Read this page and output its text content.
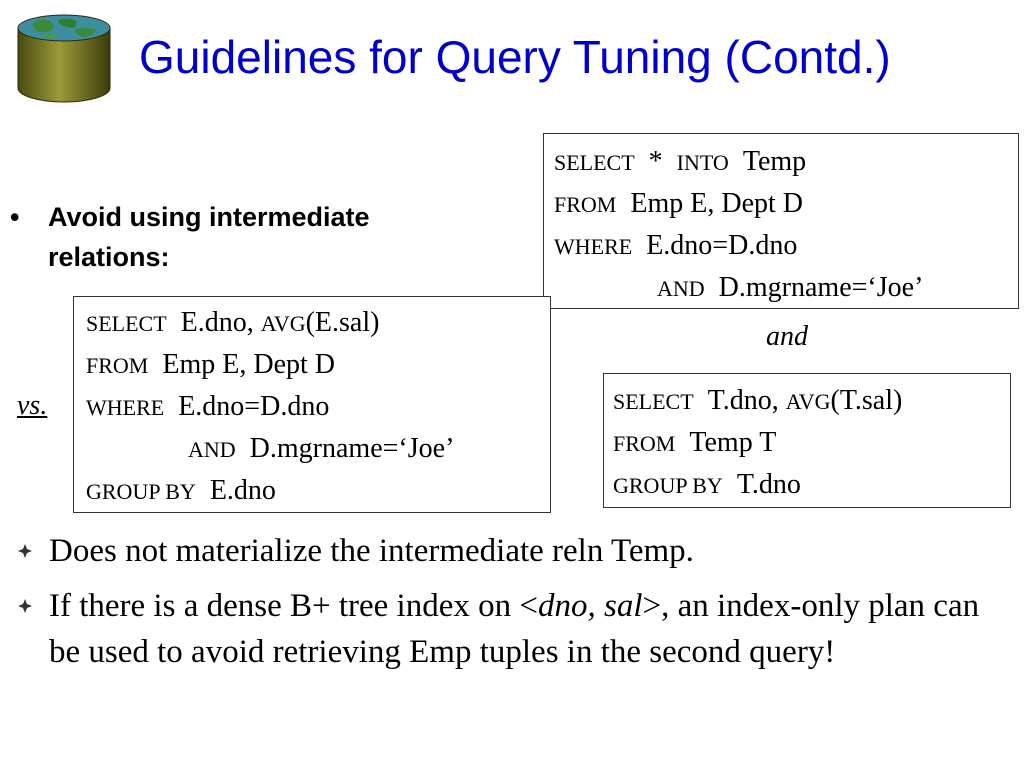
Guidelines for Query Tuning (Contd.)
•	Avoid using intermediate relations:
SELECT * INTO Temp
FROM Emp E, Dept D
WHERE E.dno=D.dno
AND D.mgrname=‘Joe’
and
SELECT E.dno, AVG(E.sal)
FROM Emp E, Dept D
WHERE E.dno=D.dno
AND D.mgrname=‘Joe’
GROUP BY E.dno
vs.	SELECT T.dno, AVG(T.sal)
FROM Temp T
GROUP BY T.dno
Does not materialize the intermediate reln Temp.
If there is a dense B+ tree index on <dno, sal>, an index-only plan can be used to avoid retrieving Emp tuples in the second query!
